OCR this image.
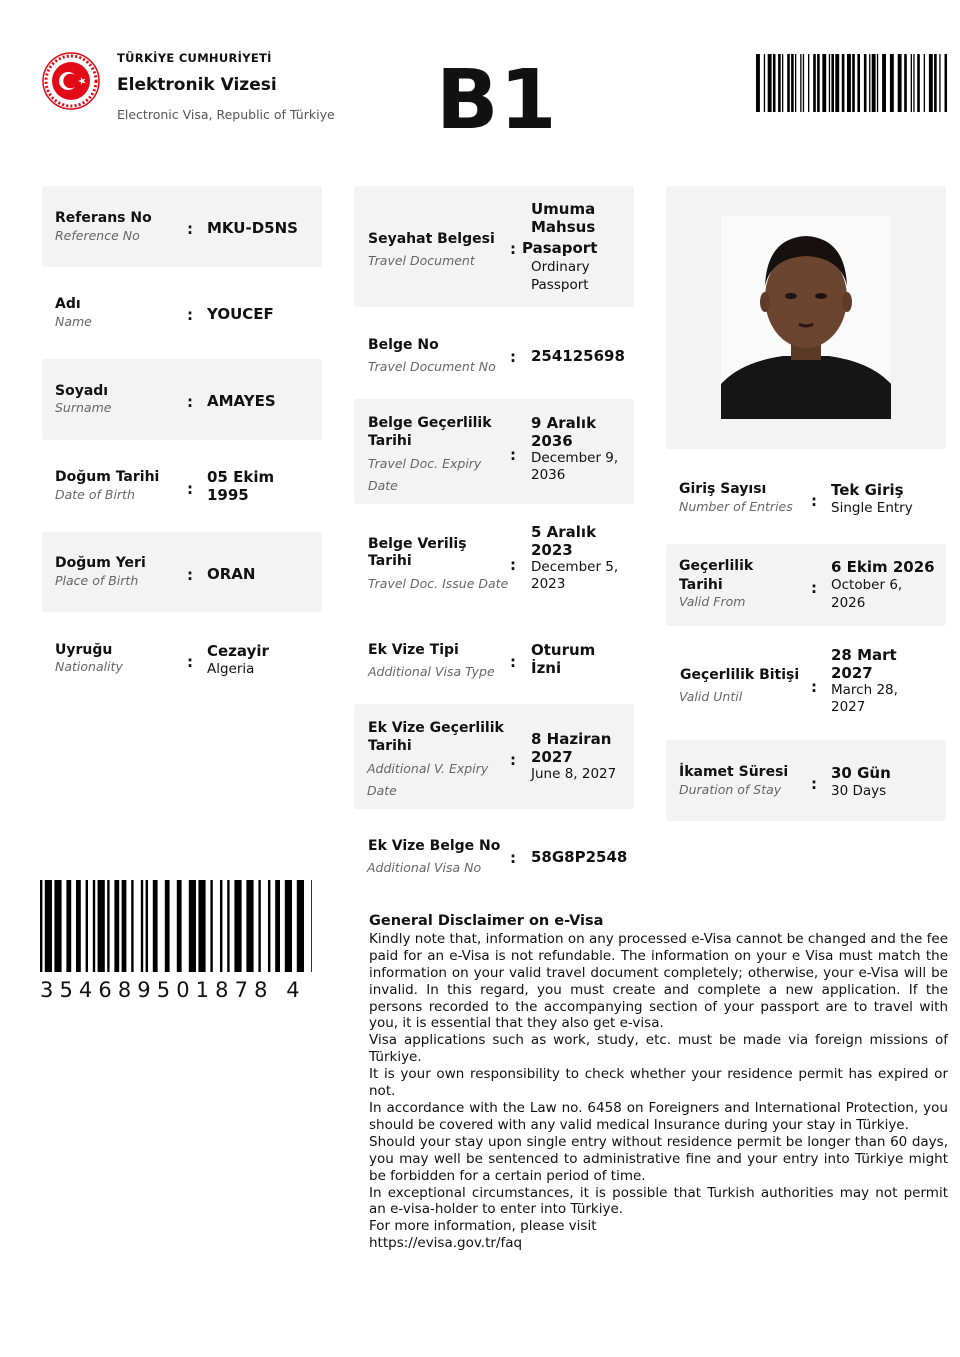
TÜRKİYE CUMHURİYETİ
Elektronik Vizesi
Electronic Visa, Republic of Türkiye B1
Referans No
Reference No	: MKU-D5NS
Adı
Name	: YOUCEF
Soyadı
Surname	: AMAYES
Doğum Tarihi
Date of Birth	:
05 Ekim 1995
Doğum Yeri
Place of Birth	: ORAN
Uyruğu
Nationality	:
Cezayir
Algeria
Seyahat Belgesi
Travel Document
:
Umuma
Mahsus
Pasaport
Ordinary
Passport
Belge No
Travel Document No
: 254125698
Belge Geçerlilik
Tarihi
Travel Doc. Expiry
Date
:
9 Aralık
2036
December 9,
2036
Belge Veriliş
Tarihi
Travel Doc. Issue Date
:
5 Aralık
2023
December 5,
2023
Ek Vize Tipi
Additional Visa Type
:
Oturum
İzni
Ek Vize Geçerlilik
Tarihi
Additional V. Expiry
Date
:
8 Haziran
2027
June 8, 2027
Ek Vize Belge No
Additional Visa No
: 58G8P2548
Giriş Sayısı
Number of Entries :
Tek Giriş
Single Entry
Geçerlilik
Tarihi
Valid From
:
6 Ekim 2026
October 6,
2026
Geçerlilik Bitişi
Valid Until
:
28 Mart
2027
March 28,
2027
İkamet Süresi
Duration of Stay :
30 Gün
30 Days
354689501878 4
General Disclaimer on e-Visa

Kindly note that, information on any processed e-Visa cannot be changed and the fee paid for an e-Visa is not refundable. The information on your e Visa must match the information on your valid travel document completely; otherwise, your e-Visa will be invalid. In this regard, you must create and complete a new application. If the persons recorded to the accompanying section of your passport are to travel with you, it is essential that they also get e-visa.

Visa applications such as work, study, etc. must be made via foreign missions of Türkiye.

It is your own responsibility to check whether your residence permit has expired or not.

In accordance with the Law no. 6458 on Foreigners and International Protection, you should be covered with any valid medical Insurance during your stay in Türkiye.

Should your stay upon single entry without residence permit be longer than 60 days, you may well be sentenced to administrative fine and your entry into Türkiye might be forbidden for a certain period of time.

In exceptional circumstances, it is possible that Turkish authorities may not permit an e-visa-holder to enter into Türkiye.

For more information, please visit

https://evisa.gov.tr/faq
